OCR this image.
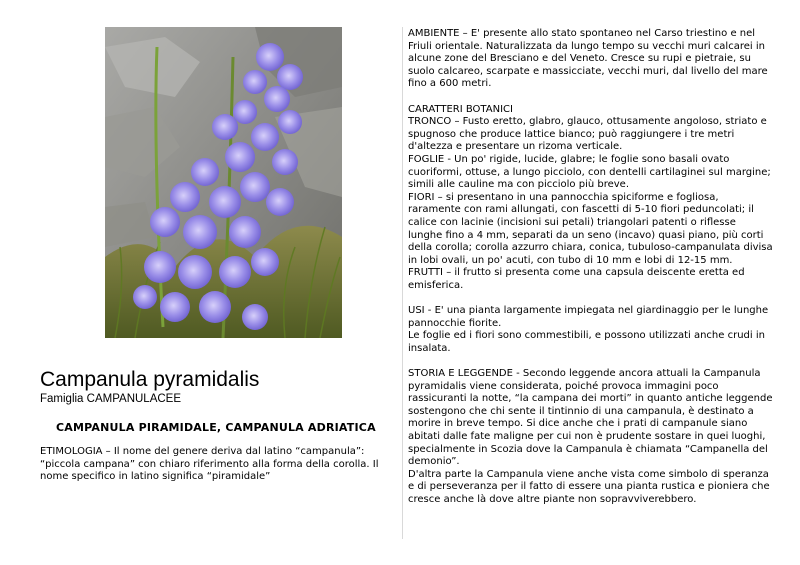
Campanula pyramidalis
Famiglia CAMPANULACEE
CAMPANULA PIRAMIDALE, CAMPANULA ADRIATICA
ETIMOLOGIA – Il nome del genere deriva dal latino “campanula”: “piccola campana” con chiaro riferimento alla forma della corolla. Il nome specifico in latino significa “piramidale”

AMBIENTE – E' presente allo stato spontaneo nel Carso triestino e nel Friuli orientale. Naturalizzata da lungo tempo su vecchi muri calcarei in alcune zone del Bresciano e del Veneto. Cresce su rupi e pietraie, su suolo calcareo, scarpate e massicciate, vecchi muri, dal livello del mare fino a 600 metri.

CARATTERI BOTANICI

TRONCO – Fusto eretto, glabro, glauco, ottusamente angoloso, striato e spugnoso che produce lattice bianco; può raggiungere i tre metri d'altezza e presentare un rizoma verticale.

FOGLIE - Un po' rigide, lucide, glabre; le foglie sono basali ovato cuoriformi, ottuse, a lungo picciolo, con dentelli cartilaginei sul margine; simili alle cauline ma con picciolo più breve.

FIORI – si presentano in una pannocchia spiciforme e fogliosa, raramente con rami allungati, con fascetti di 5-10 fiori peduncolati; il calice con lacinie (incisioni sui petali) triangolari patenti o riflesse lunghe fino a 4 mm, separati da un seno (incavo) quasi piano, più corti della corolla; corolla azzurro chiara, conica, tubuloso-campanulata divisa in lobi ovali, un po' acuti, con tubo di 10 mm e lobi di 12-15 mm.

FRUTTI – il frutto si presenta come una capsula deiscente eretta ed emisferica.

USI - E' una pianta largamente impiegata nel giardinaggio per le lunghe pannocchie fiorite.

Le foglie ed i fiori sono commestibili, e possono utilizzati anche crudi in insalata.

STORIA E LEGGENDE - Secondo leggende ancora attuali la Campanula pyramidalis viene considerata, poiché provoca immagini poco rassicuranti la notte, “la campana dei morti” in quanto antiche leggende sostengono che chi sente il tintinnio di una campanula, è destinato a morire in breve tempo. Si dice anche che i prati di campanule siano abitati dalle fate maligne per cui non è prudente sostare in quei luoghi, specialmente in Scozia dove la Campanula è chiamata “Campanella del demonio”.

D'altra parte la Campanula viene anche vista come simbolo di speranza e di perseveranza per il fatto di essere una pianta rustica e pioniera che cresce anche là dove altre piante non sopravviverebbero.
